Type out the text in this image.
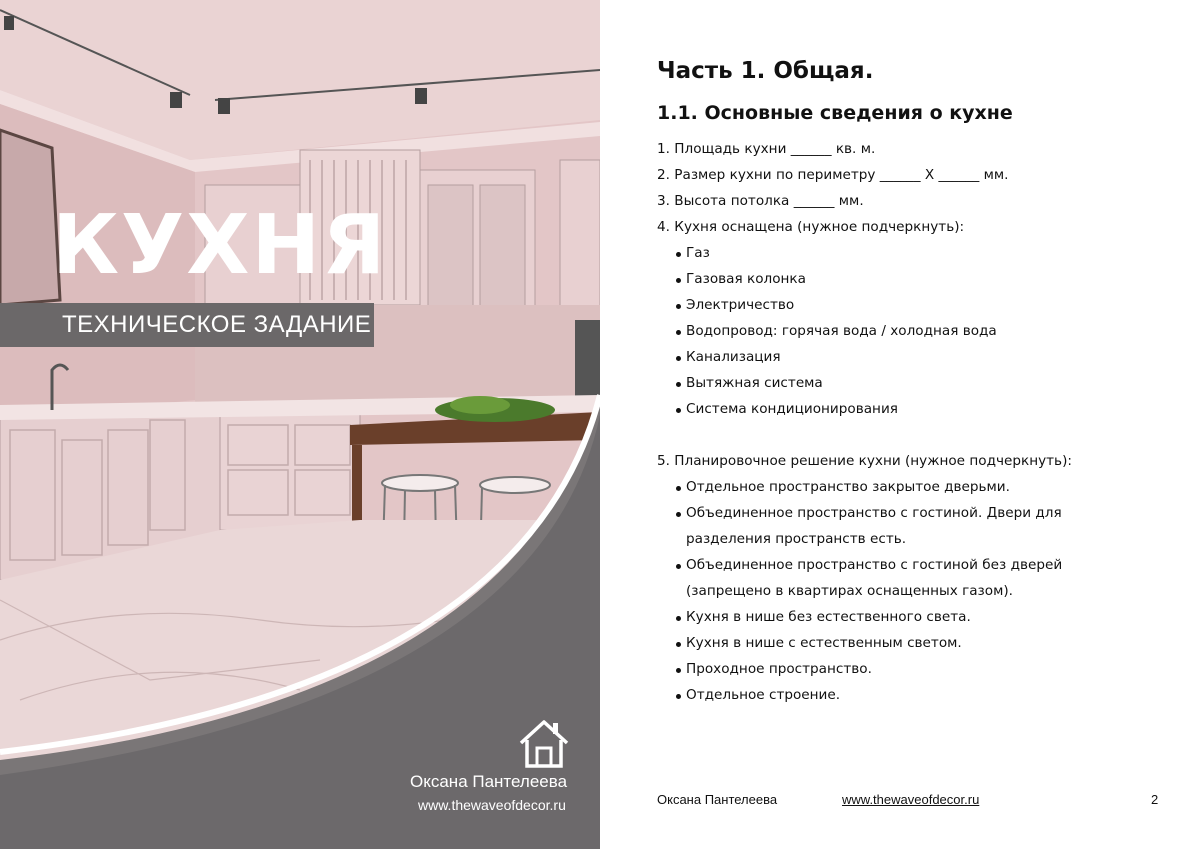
КУХНЯ
ТЕХНИЧЕСКОЕ ЗАДАНИЕ
Оксана Пантелеева
www.thewaveofdecor.ru
Часть 1. Общая.
1.1. Основные сведения о кухне
1. Площадь кухни ______ кв. м.
2. Размер кухни по периметру ______ Х ______ мм.
3. Высота потолка ______ мм.
4. Кухня оснащена (нужное подчеркнуть):
Газ
Газовая колонка
Электричество
Водопровод: горячая вода / холодная вода
Канализация
Вытяжная система
Система кондиционирования
5. Планировочное решение кухни (нужное подчеркнуть):
Отдельное пространство закрытое дверьми.
Объединенное пространство с гостиной. Двери для
разделения пространств есть.
Объединенное пространство с гостиной без дверей
(запрещено в квартирах оснащенных газом).
Кухня в нише без естественного света.
Кухня в нише с естественным светом.
Проходное пространство.
Отдельное строение.
Оксана Пантелеева	www.thewaveofdecor.ru	2
